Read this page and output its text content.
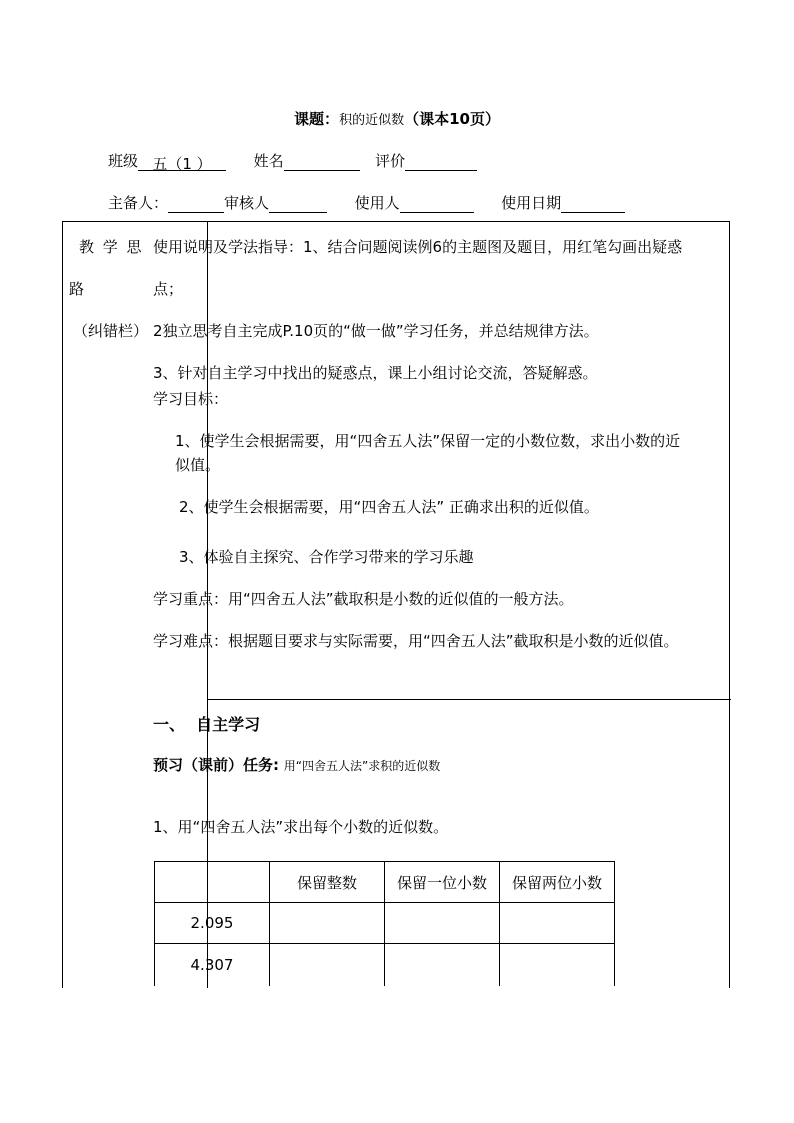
课题：积的近似数（课本10页）
班级 五（1 ）	姓名	评价
主备人：	审核人	使用人	使用日期
教 学 思
路
（纠错栏）
使用说明及学法指导：1、结合问题阅读例6的主题图及题目，用红笔勾画出疑惑
点；
2独立思考自主完成P.10页的“做一做”学习任务，并总结规律方法。
3、针对自主学习中找出的疑惑点，课上小组讨论交流，答疑解惑。
学习目标：
1、使学生会根据需要，用“四舍五人法”保留一定的小数位数，求出小数的近
似值。
2、使学生会根据需要，用“四舍五人法” 正确求出积的近似值。
3、体验自主探究、合作学习带来的学习乐趣
学习重点：用“四舍五人法”截取积是小数的近似值的一般方法。
学习难点：根据题目要求与实际需要，用“四舍五人法”截取积是小数的近似值。
一、  自主学习
预习（课前）任务: 用“四舍五人法”求积的近似数
1、用“四舍五人法”求出每个小数的近似数。
	保留整数	保留一位小数	保留两位小数
2.095			
4.307			
